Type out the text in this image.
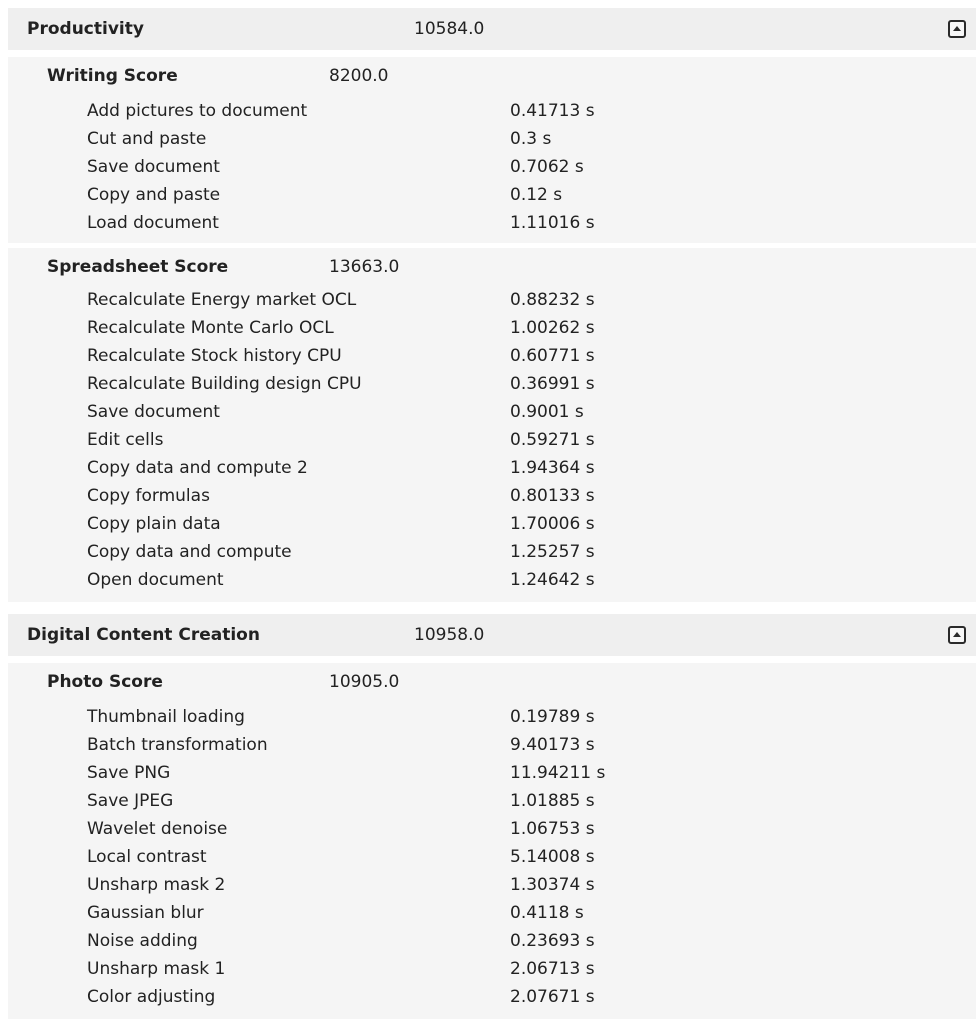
Productivity	10584.0
Writing Score	8200.0
Add pictures to document	0.41713 s
Cut and paste	0.3 s
Save document	0.7062 s
Copy and paste	0.12 s
Load document	1.11016 s
Spreadsheet Score	13663.0
Recalculate Energy market OCL	0.88232 s
Recalculate Monte Carlo OCL	1.00262 s
Recalculate Stock history CPU	0.60771 s
Recalculate Building design CPU	0.36991 s
Save document	0.9001 s
Edit cells	0.59271 s
Copy data and compute 2	1.94364 s
Copy formulas	0.80133 s
Copy plain data	1.70006 s
Copy data and compute	1.25257 s
Open document	1.24642 s
Digital Content Creation	10958.0
Photo Score	10905.0
Thumbnail loading	0.19789 s
Batch transformation	9.40173 s
Save PNG	11.94211 s
Save JPEG	1.01885 s
Wavelet denoise	1.06753 s
Local contrast	5.14008 s
Unsharp mask 2	1.30374 s
Gaussian blur	0.4118 s
Noise adding	0.23693 s
Unsharp mask 1	2.06713 s
Color adjusting	2.07671 s
